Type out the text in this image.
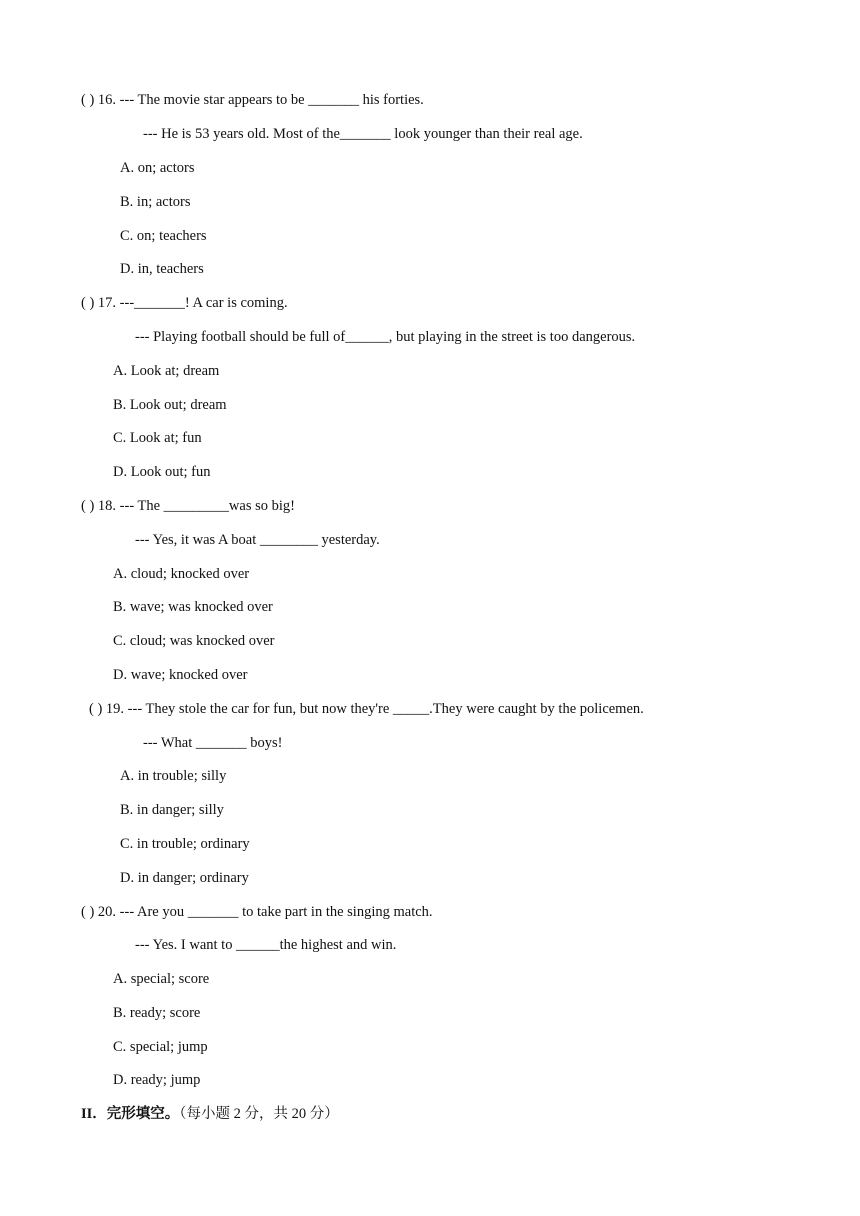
( ) 16. --- The movie star appears to be _______ his forties.
--- He is 53 years old. Most of the_______ look younger than their real age.
A. on; actors
B. in; actors
C. on; teachers
D. in, teachers
( ) 17. ---_______! A car is coming.
--- Playing football should be full of______, but playing in the street is too dangerous.
A. Look at; dream
B. Look out; dream
C. Look at; fun
D. Look out; fun
( ) 18. --- The _________was so big!
--- Yes, it was A boat ________ yesterday.
A. cloud; knocked over
B. wave; was knocked over
C. cloud; was knocked over
D. wave; knocked over
( ) 19. --- They stole the car for fun, but now they're _____.They were caught by the policemen.
--- What _______ boys!
A. in trouble; silly
B. in danger; silly
C. in trouble; ordinary
D. in danger; ordinary
( ) 20. --- Are you _______ to take part in the singing match.
--- Yes. I want to ______the highest and win.
A. special; score
B. ready; score
C. special; jump
D. ready; jump
II．完形填空。（每小题 2 分，共 20 分）
